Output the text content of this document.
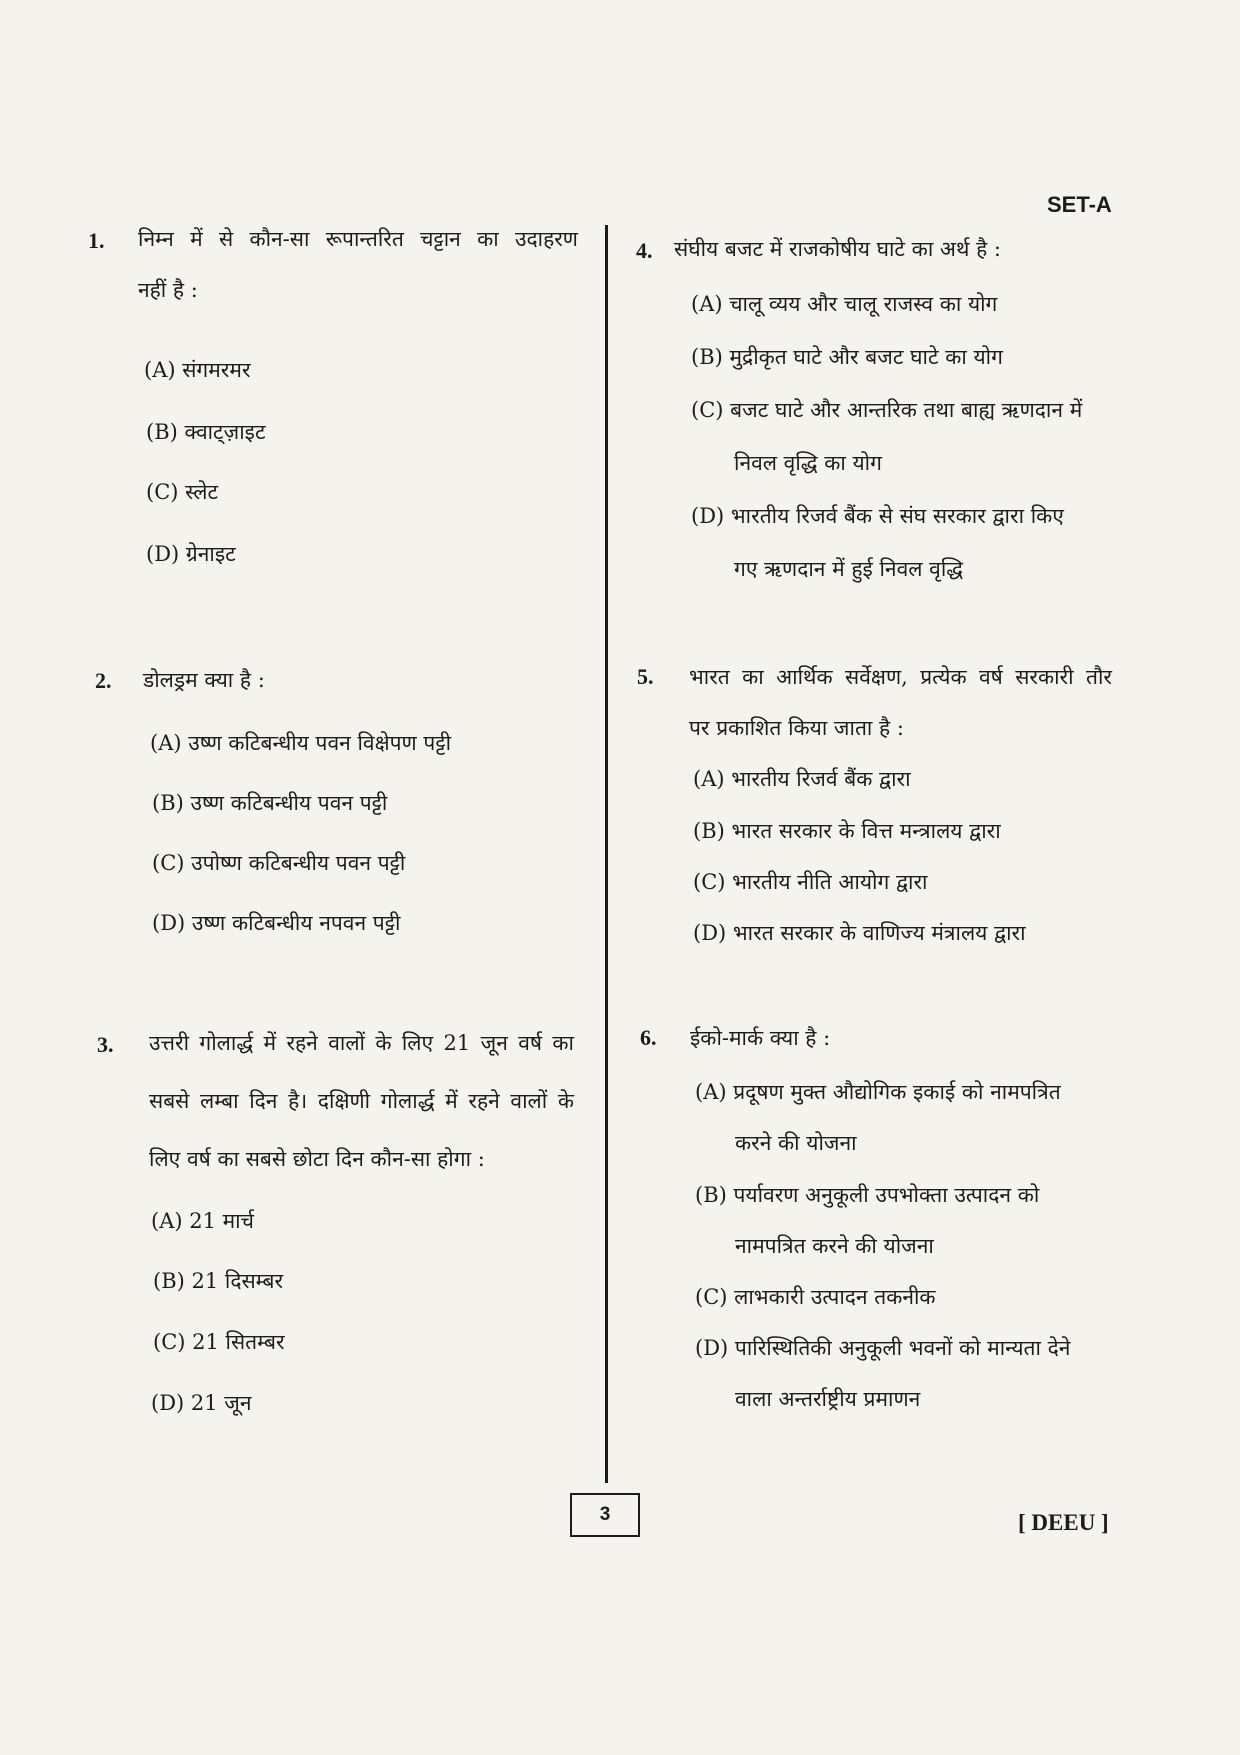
SET-A
1. निम्न में से कौन-सा रूपान्तरित चट्टान का उदाहरण
नहीं है :
(A) संगमरमर
(B) क्वाट्ज़ाइट
(C) स्लेट
(D) ग्रेनाइट
2. डोलड्रम क्या है :
(A) उष्ण कटिबन्धीय पवन विक्षेपण पट्टी
(B) उष्ण कटिबन्धीय पवन पट्टी
(C) उपोष्ण कटिबन्धीय पवन पट्टी
(D) उष्ण कटिबन्धीय नपवन पट्टी
3. उत्तरी गोलार्द्ध में रहने वालों के लिए 21 जून वर्ष का
सबसे लम्बा दिन है। दक्षिणी गोलार्द्ध में रहने वालों के
लिए वर्ष का सबसे छोटा दिन कौन-सा होगा :
(A) 21 मार्च
(B) 21 दिसम्बर
(C) 21 सितम्बर
(D) 21 जून
4. संघीय बजट में राजकोषीय घाटे का अर्थ है :
(A) चालू व्यय और चालू राजस्व का योग
(B) मुद्रीकृत घाटे और बजट घाटे का योग
(C) बजट घाटे और आन्तरिक तथा बाह्य ऋणदान में
निवल वृद्धि का योग
(D) भारतीय रिजर्व बैंक से संघ सरकार द्वारा किए
गए ऋणदान में हुई निवल वृद्धि
5. भारत का आर्थिक सर्वेक्षण, प्रत्येक वर्ष सरकारी तौर
पर प्रकाशित किया जाता है :
(A) भारतीय रिजर्व बैंक द्वारा
(B) भारत सरकार के वित्त मन्त्रालय द्वारा
(C) भारतीय नीति आयोग द्वारा
(D) भारत सरकार के वाणिज्य मंत्रालय द्वारा
6. ईको-मार्क क्या है :
(A) प्रदूषण मुक्त औद्योगिक इकाई को नामपत्रित
करने की योजना
(B) पर्यावरण अनुकूली उपभोक्ता उत्पादन को
नामपत्रित करने की योजना
(C) लाभकारी उत्पादन तकनीक
(D) पारिस्थितिकी अनुकूली भवनों को मान्यता देने
वाला अन्तर्राष्ट्रीय प्रमाणन
3	[ DEEU ]
